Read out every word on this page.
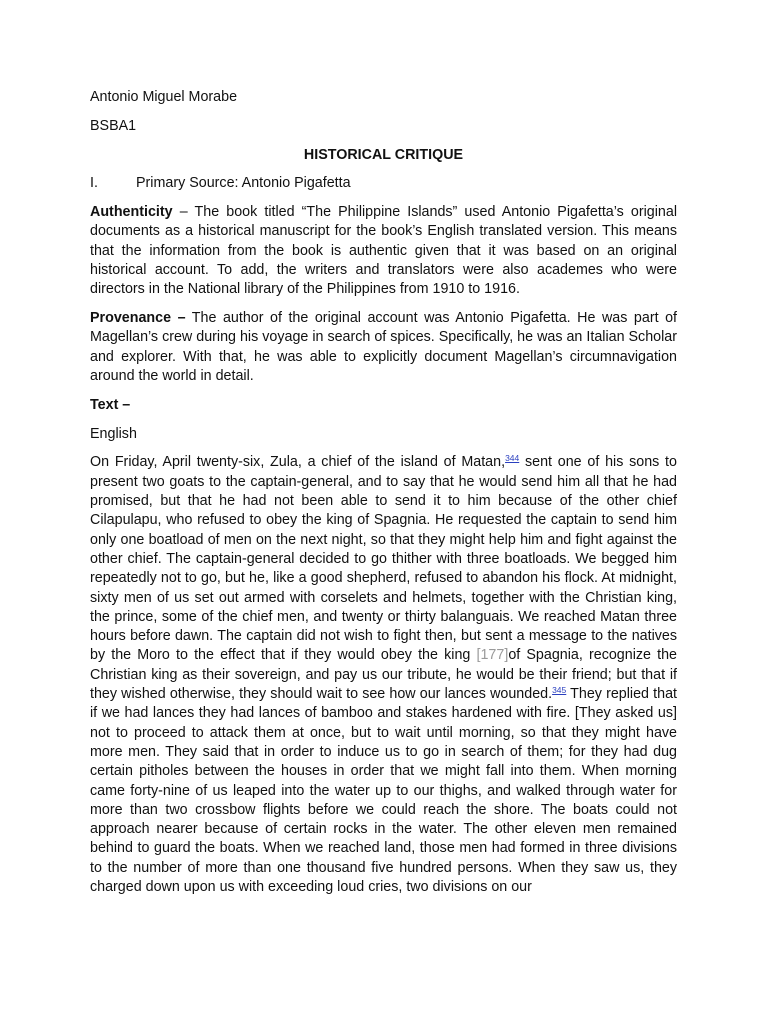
Antonio Miguel Morabe
BSBA1
HISTORICAL CRITIQUE
I.	Primary Source: Antonio Pigafetta

Authenticity – The book titled “The Philippine Islands” used Antonio Pigafetta’s original documents as a historical manuscript for the book’s English translated version. This means that the information from the book is authentic given that it was based on an original historical account. To add, the writers and translators were also academes who were directors in the National library of the Philippines from 1910 to 1916.

Provenance – The author of the original account was Antonio Pigafetta. He was part of Magellan’s crew during his voyage in search of spices. Specifically, he was an Italian Scholar and explorer. With that, he was able to explicitly document Magellan’s circumnavigation around the world in detail.

Text –

English

On Friday, April twenty-six, Zula, a chief of the island of Matan,$^{344}$ sent one of his sons to present two goats to the captain-general, and to say that he would send him all that he had promised, but that he had not been able to send it to him because of the other chief Cilapulapu, who refused to obey the king of Spagnia. He requested the captain to send him only one boatload of men on the next night, so that they might help him and fight against the other chief. The captain-general decided to go thither with three boatloads. We begged him repeatedly not to go, but he, like a good shepherd, refused to abandon his flock. At midnight, sixty men of us set out armed with corselets and helmets, together with the Christian king, the prince, some of the chief men, and twenty or thirty balanguais. We reached Matan three hours before dawn. The captain did not wish to fight then, but sent a message to the natives by the Moro to the effect that if they would obey the king [177]of Spagnia, recognize the Christian king as their sovereign, and pay us our tribute, he would be their friend; but that if they wished otherwise, they should wait to see how our lances wounded.$^{345}$ They replied that if we had lances they had lances of bamboo and stakes hardened with fire. [They asked us] not to proceed to attack them at once, but to wait until morning, so that they might have more men. They said that in order to induce us to go in search of them; for they had dug certain pitholes between the houses in order that we might fall into them. When morning came forty-nine of us leaped into the water up to our thighs, and walked through water for more than two crossbow flights before we could reach the shore. The boats could not approach nearer because of certain rocks in the water. The other eleven men remained behind to guard the boats. When we reached land, those men had formed in three divisions to the number of more than one thousand five hundred persons. When they saw us, they charged down upon us with exceeding loud cries, two divisions on our
